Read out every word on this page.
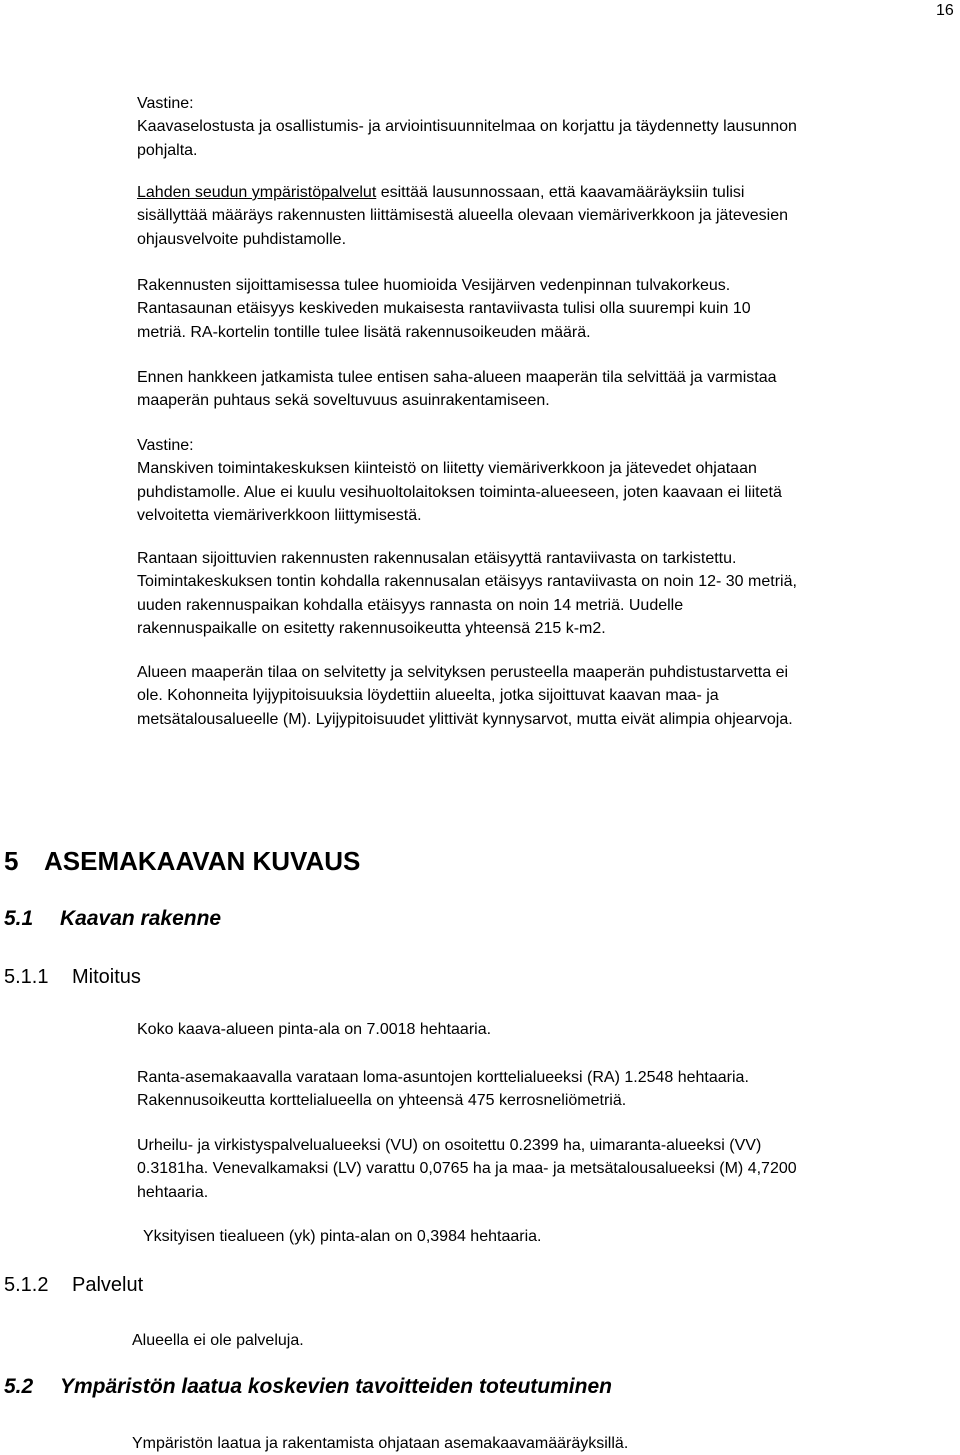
16
Vastine:
Kaavaselostusta ja osallistumis- ja arviointisuunnitelmaa on korjattu ja täydennetty lausunnon
pohjalta.
Lahden seudun ympäristöpalvelut esittää lausunnossaan, että kaavamääräyksiin tulisi
sisällyttää määräys rakennusten liittämisestä alueella olevaan viemäriverkkoon ja jätevesien
ohjausvelvoite puhdistamolle.
Rakennusten sijoittamisessa tulee huomioida Vesijärven vedenpinnan tulvakorkeus.
Rantasaunan etäisyys keskiveden mukaisesta rantaviivasta tulisi olla suurempi kuin 10
metriä. RA-kortelin tontille tulee lisätä rakennusoikeuden määrä.
Ennen hankkeen jatkamista tulee entisen saha-alueen maaperän tila selvittää ja varmistaa
maaperän puhtaus sekä soveltuvuus asuinrakentamiseen.
Vastine:
Manskiven toimintakeskuksen kiinteistö on liitetty viemäriverkkoon ja jätevedet ohjataan
puhdistamolle. Alue ei kuulu vesihuoltolaitoksen toiminta-alueeseen, joten kaavaan ei liitetä
velvoitetta viemäriverkkoon liittymisestä.
Rantaan sijoittuvien rakennusten rakennusalan etäisyyttä rantaviivasta on tarkistettu.
Toimintakeskuksen tontin kohdalla rakennusalan etäisyys rantaviivasta on noin 12- 30 metriä,
uuden rakennuspaikan kohdalla etäisyys rannasta on noin 14 metriä. Uudelle
rakennuspaikalle on esitetty rakennusoikeutta yhteensä 215 k-m2.
Alueen maaperän tilaa on selvitetty ja selvityksen perusteella maaperän puhdistustarvetta ei
ole. Kohonneita lyijypitoisuuksia löydettiin alueelta, jotka sijoittuvat kaavan maa- ja
metsätalousalueelle (M). Lyijypitoisuudet ylittivät kynnysarvot, mutta eivät alimpia ohjearvoja.
5 ASEMAKAAVAN KUVAUS
5.1 Kaavan rakenne
5.1.1 Mitoitus
Koko kaava-alueen pinta-ala on 7.0018 hehtaaria.
Ranta-asemakaavalla varataan loma-asuntojen korttelialueeksi (RA) 1.2548 hehtaaria.
Rakennusoikeutta korttelialueella on yhteensä 475 kerrosneliömetriä.
Urheilu- ja virkistyspalvelualueeksi (VU) on osoitettu 0.2399 ha, uimaranta-alueeksi (VV)
0.3181ha. Venevalkamaksi (LV) varattu 0,0765 ha ja maa- ja metsätalousalueeksi (M) 4,7200
hehtaaria.
Yksityisen tiealueen (yk) pinta-alan on 0,3984 hehtaaria.
5.1.2 Palvelut
Alueella ei ole palveluja.
5.2 Ympäristön laatua koskevien tavoitteiden toteutuminen
Ympäristön laatua ja rakentamista ohjataan asemakaavamääräyksillä.
